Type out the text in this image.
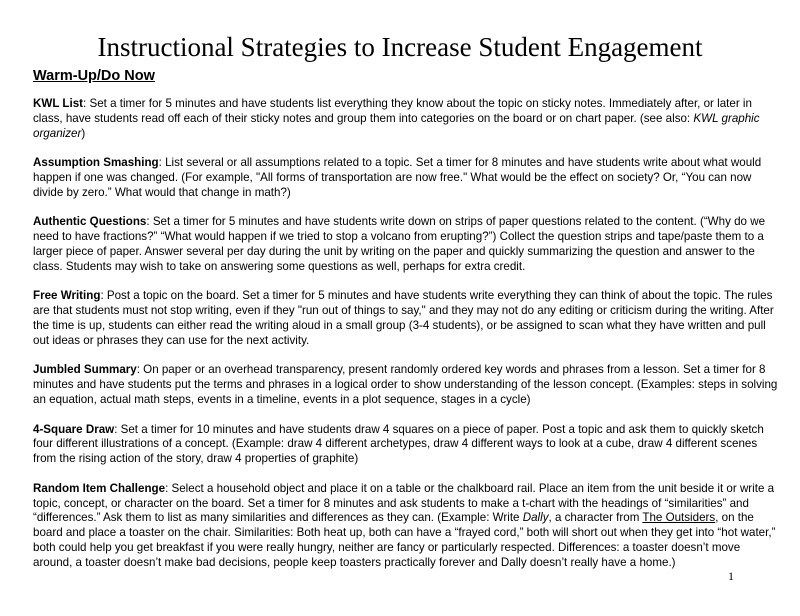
Instructional Strategies to Increase Student Engagement
Warm-Up/Do Now

KWL List: Set a timer for 5 minutes and have students list everything they know about the topic on sticky notes. Immediately after, or later in class, have students read off each of their sticky notes and group them into categories on the board or on chart paper. (see also: KWL graphic organizer)

Assumption Smashing: List several or all assumptions related to a topic. Set a timer for 8 minutes and have students write about what would happen if one was changed. (For example, "All forms of transportation are now free." What would be the effect on society? Or, “You can now divide by zero.” What would that change in math?)

Authentic Questions: Set a timer for 5 minutes and have students write down on strips of paper questions related to the content. (“Why do we need to have fractions?” “What would happen if we tried to stop a volcano from erupting?”) Collect the question strips and tape/paste them to a larger piece of paper. Answer several per day during the unit by writing on the paper and quickly summarizing the question and answer to the class. Students may wish to take on answering some questions as well, perhaps for extra credit.

Free Writing: Post a topic on the board. Set a timer for 5 minutes and have students write everything they can think of about the topic. The rules are that students must not stop writing, even if they "run out of things to say," and they may not do any editing or criticism during the writing. After the time is up, students can either read the writing aloud in a small group (3-4 students), or be assigned to scan what they have written and pull out ideas or phrases they can use for the next activity.

Jumbled Summary: On paper or an overhead transparency, present randomly ordered key words and phrases from a lesson. Set a timer for 8 minutes and have students put the terms and phrases in a logical order to show understanding of the lesson concept. (Examples: steps in solving an equation, actual math steps, events in a timeline, events in a plot sequence, stages in a cycle)

4-Square Draw: Set a timer for 10 minutes and have students draw 4 squares on a piece of paper. Post a topic and ask them to quickly sketch four different illustrations of a concept. (Example: draw 4 different archetypes, draw 4 different ways to look at a cube, draw 4 different scenes from the rising action of the story, draw 4 properties of graphite)

Random Item Challenge: Select a household object and place it on a table or the chalkboard rail. Place an item from the unit beside it or write a topic, concept, or character on the board. Set a timer for 8 minutes and ask students to make a t-chart with the headings of “similarities” and “differences.” Ask them to list as many similarities and differences as they can. (Example: Write Dally, a character from The Outsiders, on the board and place a toaster on the chair. Similarities: Both heat up, both can have a “frayed cord,” both will short out when they get into “hot water,” both could help you get breakfast if you were really hungry, neither are fancy or particularly respected. Differences: a toaster doesn’t move around, a toaster doesn’t make bad decisions, people keep toasters practically forever and Dally doesn’t really have a home.)

1
